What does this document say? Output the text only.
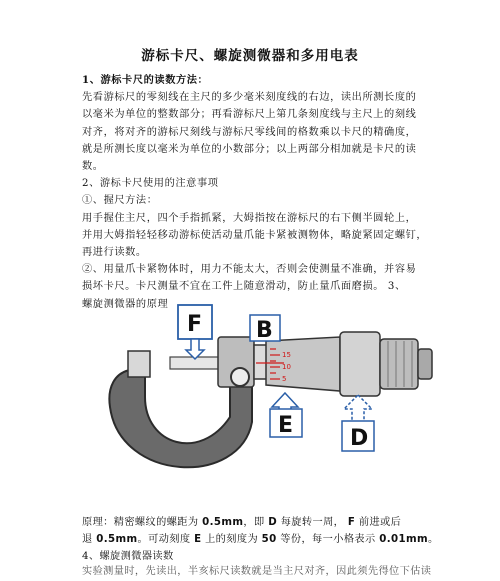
游标卡尺、螺旋测微器和多用电表
1、游标卡尺的读数方法：
先看游标尺的零刻线在主尺的多少毫米刻度线的右边，读出所测长度的
以毫米为单位的整数部分；再看游标尺上第几条刻度线与主尺上的刻线
对齐，将对齐的游标尺刻线与游标尺零线间的格数乘以卡尺的精确度，
就是所测长度以毫米为单位的小数部分；以上两部分相加就是卡尺的读
数。
2、游标卡尺使用的注意事项
①、握尺方法：
用手握住主尺，四个手指抓紧，大姆指按在游标尺的右下侧半圆轮上，
并用大姆指轻轻移动游标使活动量爪能卡紧被测物体，略旋紧固定螺钉，
再进行读数。
②、用量爪卡紧物体时，用力不能太大，否则会使测量不准确，并容易
损坏卡尺。卡尺测量不宜在工件上随意滑动，防止量爪面磨损。 3、
螺旋测微器的原理
15
10
5
F B
E
D
原理：精密螺纹的螺距为 0.5mm，即 D 每旋转一周， F 前进或后
退 0.5mm。可动刻度 E 上的刻度为 50 等份，每一小格表示 0.01mm。
4、螺旋测微器读数
实验测量时，先读出，半亥标尺读数就是当主尺对齐，因此须先得位下估读
